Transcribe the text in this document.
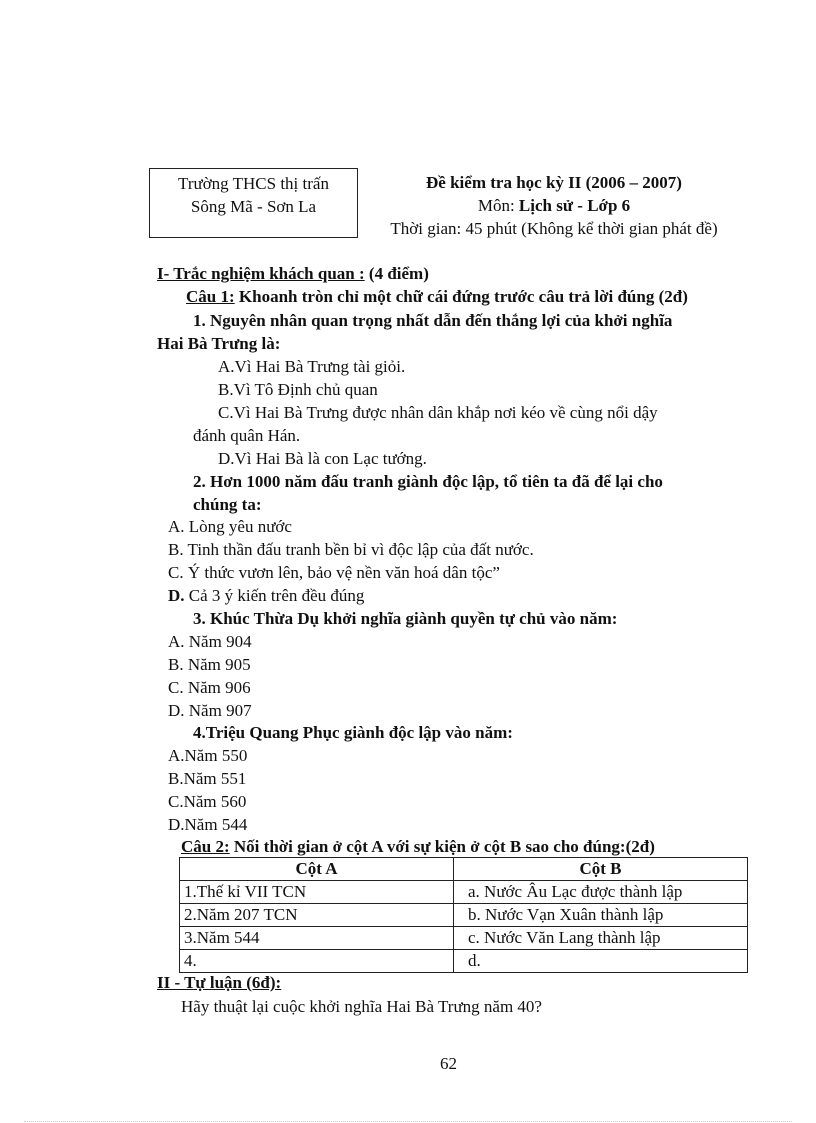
Trường THCS thị trấn
Sông Mã - Sơn La
Đề kiểm tra học kỳ II (2006 – 2007)
Môn: Lịch sử - Lớp 6
Thời gian: 45 phút (Không kể thời gian phát đề)
I- Trắc nghiệm khách quan : (4 điểm)
Câu 1: Khoanh tròn chỉ một chữ cái đứng trước câu trả lời đúng (2đ)
1. Nguyên nhân quan trọng nhất dẫn đến thắng lợi của khởi nghĩa
Hai Bà Trưng là:
A.Vì Hai Bà Trưng tài giỏi.
B.Vì Tô Định chủ quan
C.Vì Hai Bà Trưng được nhân dân khắp nơi kéo về cùng nổi dậy
đánh quân Hán.
D.Vì Hai Bà là con Lạc tướng.
2. Hơn 1000 năm đấu tranh giành độc lập, tổ tiên ta đã để lại cho
chúng ta:
A. Lòng yêu nước
B. Tinh thần đấu tranh bền bỉ vì độc lập của đất nước.
C. Ý thức vươn lên, bảo vệ nền văn hoá dân tộc”
D. Cả 3 ý kiến trên đều đúng
3. Khúc Thừa Dụ khởi nghĩa giành quyền tự chủ vào năm:
A. Năm 904
B. Năm 905
C. Năm 906
D. Năm 907
4.Triệu Quang Phục giành độc lập vào năm:
A.Năm 550
B.Năm 551
C.Năm 560
D.Năm 544
Câu 2: Nối thời gian ở cột A với sự kiện ở cột B sao cho đúng:(2đ)
Cột A	Cột B
1.Thế kỉ VII TCN	a. Nước Âu Lạc được thành lập
2.Năm 207 TCN	b. Nước Vạn Xuân thành lập
3.Năm 544	c. Nước Văn Lang thành lập
4.	d.
II - Tự luận (6đ):
Hãy thuật lại cuộc khởi nghĩa Hai Bà Trưng năm 40?
62
